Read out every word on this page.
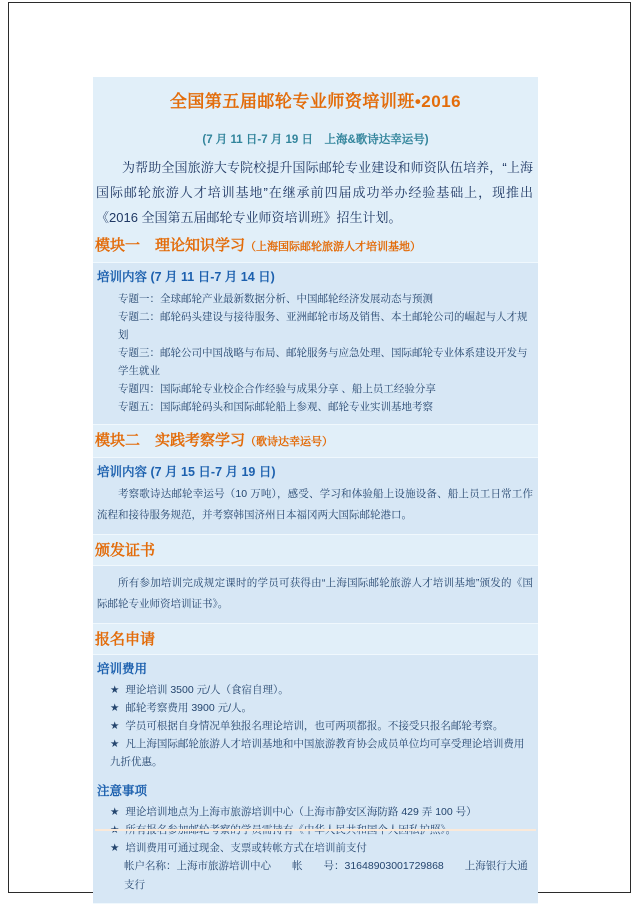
全国第五届邮轮专业师资培训班•2016
(7 月 11 日-7 月 19 日　上海&歌诗达幸运号)

为帮助全国旅游大专院校提升国际邮轮专业建设和师资队伍培养，“上海国际邮轮旅游人才培训基地”在继承前四届成功举办经验基础上，现推出《2016 全国第五届邮轮专业师资培训班》招生计划。

模块一　理论知识学习（上海国际邮轮旅游人才培训基地）
培训内容 (7 月 11 日-7 月 14 日)
专题一：全球邮轮产业最新数据分析、中国邮轮经济发展动态与预测
专题二：邮轮码头建设与接待服务、亚洲邮轮市场及销售、本土邮轮公司的崛起与人才规划
专题三：邮轮公司中国战略与布局、邮轮服务与应急处理、国际邮轮专业体系建设开发与学生就业
专题四：国际邮轮专业校企合作经验与成果分享 、船上员工经验分享
专题五：国际邮轮码头和国际邮轮船上参观、邮轮专业实训基地考察
模块二　实践考察学习（歌诗达幸运号）
培训内容 (7 月 15 日-7 月 19 日)

考察歌诗达邮轮幸运号（10 万吨），感受、学习和体验船上设施设备、船上员工日常工作流程和接待服务规范，并考察韩国济州日本福冈两大国际邮轮港口。

颁发证书

所有参加培训完成规定课时的学员可获得由“上海国际邮轮旅游人才培训基地”颁发的《国际邮轮专业师资培训证书》。

报名申请
培训费用
★ 理论培训 3500 元/人（食宿自理）。
★ 邮轮考察费用 3900 元/人。
★ 学员可根据自身情况单独报名理论培训，也可两项都报。不接受只报名邮轮考察。
★ 凡上海国际邮轮旅游人才培训基地和中国旅游教育协会成员单位均可享受理论培训费用九折优惠。
注意事项
★ 理论培训地点为上海市旅游培训中心（上海市静安区海防路 429 弄 100 号）
★ 培训费用可通过现金、支票或转帐方式在培训前支付
帐户名称：上海市旅游培训中心　　帐　　号：31648903001729868　　上海银行大通支行
